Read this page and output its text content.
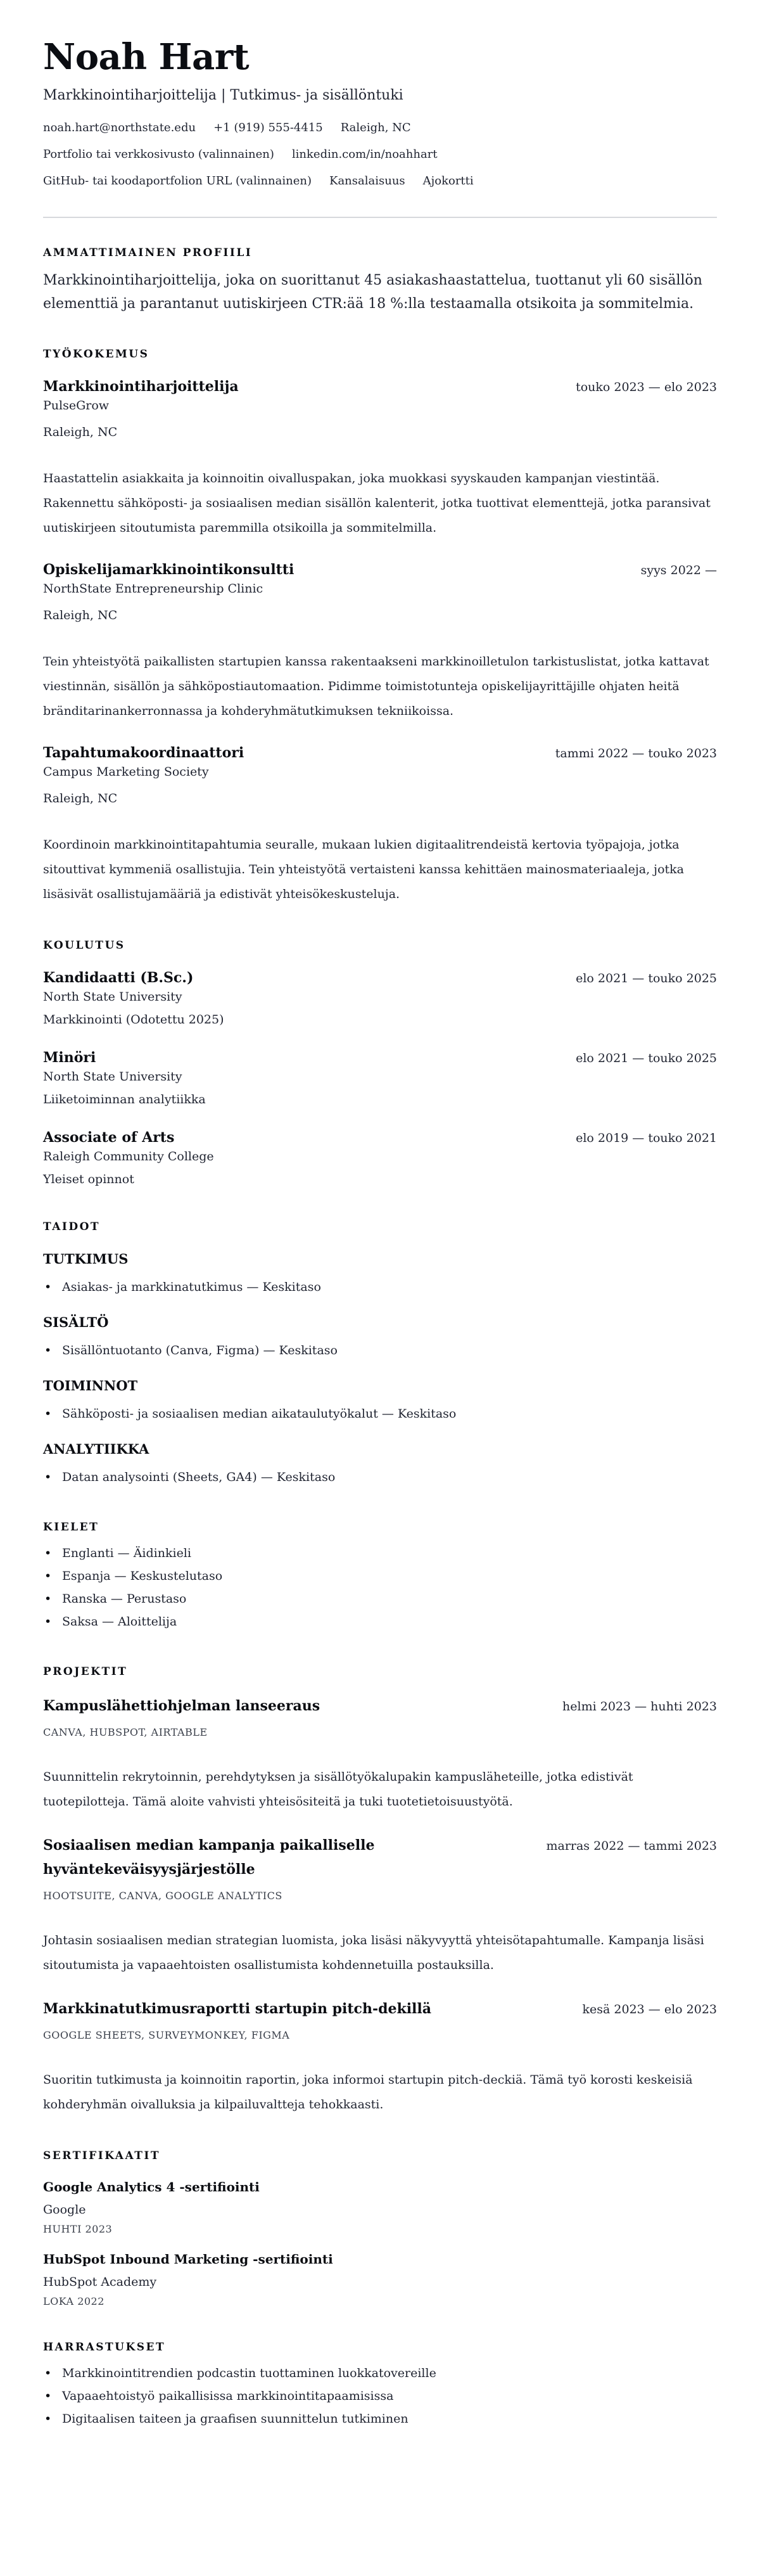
Noah Hart
Markkinointiharjoittelija | Tutkimus- ja sisällöntuki
noah.hart@northstate.edu +1 (919) 555-4415 Raleigh, NC
Portfolio tai verkkosivusto (valinnainen) linkedin.com/in/noahhart
GitHub- tai koodaportfolion URL (valinnainen) Kansalaisuus Ajokortti
AMMATTIMAINEN PROFIILI

Markkinointiharjoittelija, joka on suorittanut 45 asiakashaastattelua, tuottanut yli 60 sisällön elementtiä ja parantanut uutiskirjeen CTR:ää 18 %:lla testaamalla otsikoita ja sommitelmia.

TYÖKOKEMUS
Markkinointiharjoittelija	touko 2023 — elo 2023
PulseGrow
Raleigh, NC

Haastattelin asiakkaita ja koinnoitin oivalluspakan, joka muokkasi syyskauden kampanjan viestintää. Rakennettu sähköposti- ja sosiaalisen median sisällön kalenterit, jotka tuottivat elementtejä, jotka paransivat uutiskirjeen sitoutumista paremmilla otsikoilla ja sommitelmilla.

Opiskelijamarkkinointikonsultti	syys 2022 —
NorthState Entrepreneurship Clinic
Raleigh, NC

Tein yhteistyötä paikallisten startupien kanssa rakentaakseni markkinoilletulon tarkistuslistat, jotka kattavat viestinnän, sisällön ja sähköpostiautomaation. Pidimme toimistotunteja opiskelijayrittäjille ohjaten heitä bränditarinankerronnassa ja kohderyhmätutkimuksen tekniikoissa.

Tapahtumakoordinaattori	tammi 2022 — touko 2023
Campus Marketing Society
Raleigh, NC

Koordinoin markkinointitapahtumia seuralle, mukaan lukien digitaalitrendeistä kertovia työpajoja, jotka sitouttivat kymmeniä osallistujia. Tein yhteistyötä vertaisteni kanssa kehittäen mainosmateriaaleja, jotka lisäsivät osallistujamääriä ja edistivät yhteisökeskusteluja.

KOULUTUS
Kandidaatti (B.Sc.)	elo 2021 — touko 2025
North State University
Markkinointi (Odotettu 2025)
Minöri	elo 2021 — touko 2025
North State University
Liiketoiminnan analytiikka
Associate of Arts	elo 2019 — touko 2021
Raleigh Community College
Yleiset opinnot
TAIDOT
TUTKIMUS
• Asiakas- ja markkinatutkimus — Keskitaso
SISÄLTÖ
• Sisällöntuotanto (Canva, Figma) — Keskitaso
TOIMINNOT
• Sähköposti- ja sosiaalisen median aikataulutyökalut — Keskitaso
ANALYTIIKKA
• Datan analysointi (Sheets, GA4) — Keskitaso
KIELET
• Englanti — Äidinkieli
• Espanja — Keskustelutaso
• Ranska — Perustaso
• Saksa — Aloittelija
PROJEKTIT
Kampuslähettiohjelman lanseeraus	helmi 2023 — huhti 2023
CANVA, HUBSPOT, AIRTABLE

Suunnittelin rekrytoinnin, perehdytyksen ja sisällötyökalupakin kampusläheteille, jotka edistivät tuotepilotteja. Tämä aloite vahvisti yhteisösiteitä ja tuki tuotetietoisuustyötä.

Sosiaalisen median kampanja paikalliselle hyväntekeväisyysjärjestölle
marras 2022 — tammi 2023
HOOTSUITE, CANVA, GOOGLE ANALYTICS

Johtasin sosiaalisen median strategian luomista, joka lisäsi näkyvyyttä yhteisötapahtumalle. Kampanja lisäsi sitoutumista ja vapaaehtoisten osallistumista kohdennetuilla postauksilla.

Markkinatutkimusraportti startupin pitch-dekillä	kesä 2023 — elo 2023
GOOGLE SHEETS, SURVEYMONKEY, FIGMA

Suoritin tutkimusta ja koinnoitin raportin, joka informoi startupin pitch-deckiä. Tämä työ korosti keskeisiä kohderyhmän oivalluksia ja kilpailuvaltteja tehokkaasti.

SERTIFIKAATIT
Google Analytics 4 -sertifiointi
Google
HUHTI 2023
HubSpot Inbound Marketing -sertifiointi
HubSpot Academy
LOKA 2022
HARRASTUKSET
• Markkinointitrendien podcastin tuottaminen luokkatovereille
• Vapaaehtoistyö paikallisissa markkinointitapaamisissa
• Digitaalisen taiteen ja graafisen suunnittelun tutkiminen
